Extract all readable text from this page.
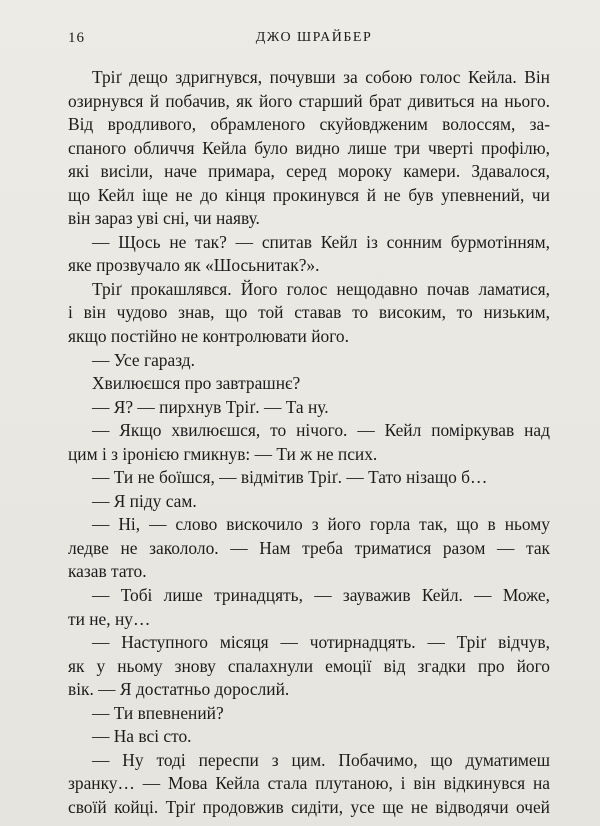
16	ДЖО ШРАЙБЕР
Тріґ дещо здригнувся, почувши за собою голос Кейла. Він
озирнувся й побачив, як його старший брат дивиться на нього.
Від вродливого, обрамленого скуйовдженим волоссям, за-
спаного обличчя Кейла було видно лише три чверті профілю,
які висіли, наче примара, серед мороку камери. Здавалося,
що Кейл іще не до кінця прокинувся й не був упевнений, чи
він зараз уві сні, чи наяву.
— Щось не так? — спитав Кейл із сонним бурмотінням,
яке прозвучало як «Шосьнитак?».
Тріґ прокашлявся. Його голос нещодавно почав ламатися,
і він чудово знав, що той ставав то високим, то низьким,
якщо постійно не контролювати його.
— Усе гаразд.
Хвилюєшся про завтрашнє?
— Я? — пирхнув Тріґ. — Та ну.
— Якщо хвилюєшся, то нічого. — Кейл поміркував над
цим і з іронією гмикнув: — Ти ж не псих.
— Ти не боїшся, — відмітив Тріґ. — Тато нізащо б…
— Я піду сам.
— Ні, — слово вискочило з його горла так, що в ньому
ледве не закололо. — Нам треба триматися разом — так
казав тато.
— Тобі лише тринадцять, — зауважив Кейл. — Може,
ти не, ну…
— Наступного місяця — чотирнадцять. — Тріґ відчув,
як у ньому знову спалахнули емоції від згадки про його
вік. — Я достатньо дорослий.
— Ти впевнений?
— На всі сто.
— Ну тоді переспи з цим. Побачимо, що думатимеш
зранку… — Мова Кейла стала плутаною, і він відкинувся на
своїй койці. Тріґ продовжив сидіти, усе ще не відводячи очей
